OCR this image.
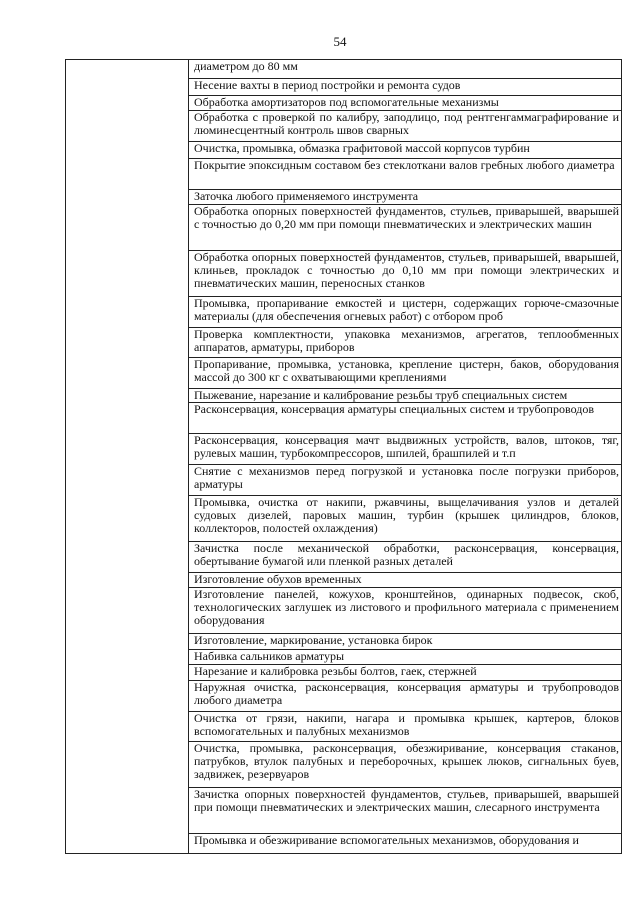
54
	диаметром до 80 мм
Несение вахты в период постройки и ремонта судов
Обработка амортизаторов под вспомогательные механизмы
Обработка с проверкой по калибру, заподлицо, под рентгенгаммаграфирование и люминесцентный контроль швов сварных
Очистка, промывка, обмазка графитовой массой корпусов турбин
Покрытие эпоксидным составом без стеклоткани валов гребных любого диаметра
Заточка любого применяемого инструмента
Обработка опорных поверхностей фундаментов, стульев, приварышей, вварышей с точностью до 0,20 мм при помощи пневматических и электрических машин
Обработка опорных поверхностей фундаментов, стульев, приварышей, вварышей, клиньев, прокладок с точностью до 0,10 мм при помощи электрических и пневматических машин, переносных станков
Промывка, пропаривание емкостей и цистерн, содержащих горюче-смазочные материалы (для обеспечения огневых работ) с отбором проб
Проверка комплектности, упаковка механизмов, агрегатов, теплообменных аппаратов, арматуры, приборов
Пропаривание, промывка, установка, крепление цистерн, баков, оборудования массой до 300 кг с охватывающими креплениями
Пыжевание, нарезание и калибрование резьбы труб специальных систем
Расконсервация, консервация арматуры специальных систем и трубопроводов
Расконсервация, консервация мачт выдвижных устройств, валов, штоков, тяг, рулевых машин, турбокомпрессоров, шпилей, брашпилей и т.п
Снятие с механизмов перед погрузкой и установка после погрузки приборов, арматуры
Промывка, очистка от накипи, ржавчины, выщелачивания узлов и деталей судовых дизелей, паровых машин, турбин (крышек цилиндров, блоков, коллекторов, полостей охлаждения)
Зачистка после механической обработки, расконсервация, консервация, обертывание бумагой или пленкой разных деталей
Изготовление обухов временных
Изготовление панелей, кожухов, кронштейнов, одинарных подвесок, скоб, технологических заглушек из листового и профильного материала с применением оборудования
Изготовление, маркирование, установка бирок
Набивка сальников арматуры
Нарезание и калибровка резьбы болтов, гаек, стержней
Наружная очистка, расконсервация, консервация арматуры и трубопроводов любого диаметра
Очистка от грязи, накипи, нагара и промывка крышек, картеров, блоков вспомогательных и палубных механизмов
Очистка, промывка, расконсервация, обезжиривание, консервация стаканов, патрубков, втулок палубных и переборочных, крышек люков, сигнальных буев, задвижек, резервуаров
Зачистка опорных поверхностей фундаментов, стульев, приварышей, вварышей при помощи пневматических и электрических машин, слесарного инструмента
Промывка и обезжиривание вспомогательных механизмов, оборудования и
